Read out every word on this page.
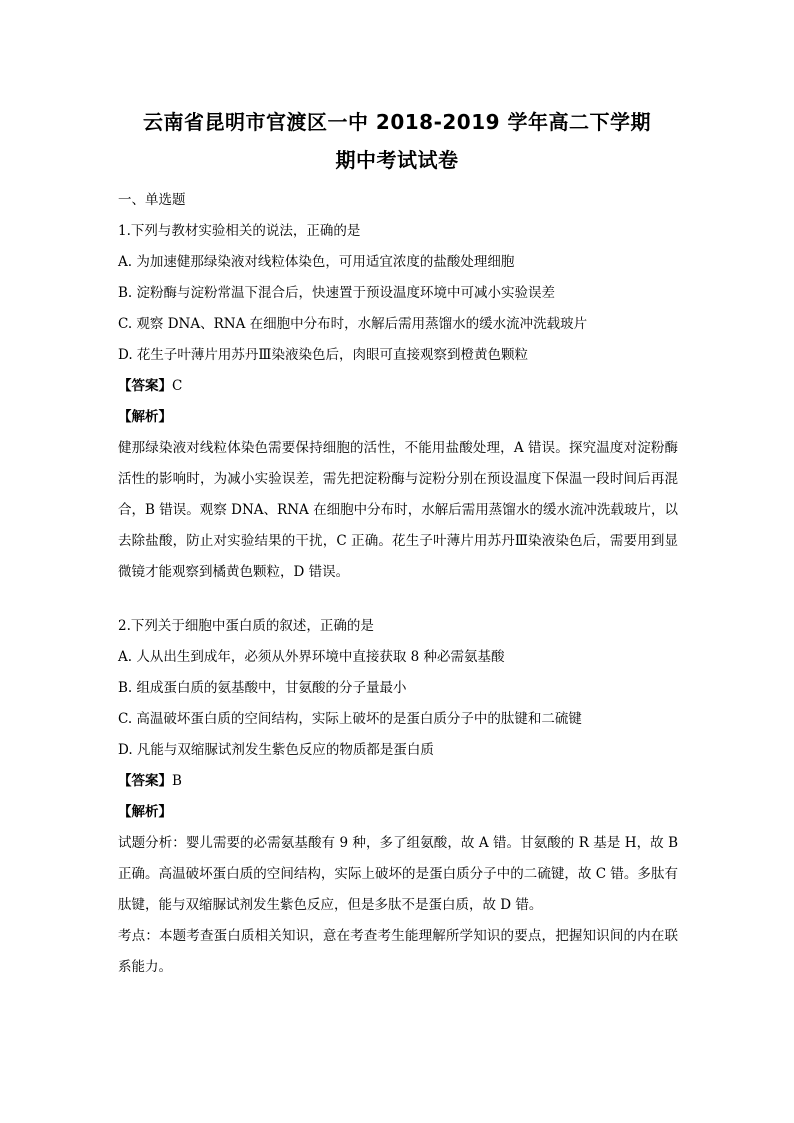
云南省昆明市官渡区一中 2018-2019 学年高二下学期
期中考试试卷
一、单选题
1.下列与教材实验相关的说法，正确的是
A. 为加速健那绿染液对线粒体染色，可用适宜浓度的盐酸处理细胞
B. 淀粉酶与淀粉常温下混合后，快速置于预设温度环境中可减小实验误差
C. 观察 DNA、RNA 在细胞中分布时，水解后需用蒸馏水的缓水流冲洗载玻片
D. 花生子叶薄片用苏丹Ⅲ染液染色后，肉眼可直接观察到橙黄色颗粒
【答案】C
【解析】
健那绿染液对线粒体染色需要保持细胞的活性，不能用盐酸处理，A 错误。探究温度对淀粉酶活性的影响时，为减小实验误差，需先把淀粉酶与淀粉分别在预设温度下保温一段时间后再混合，B 错误。观察 DNA、RNA 在细胞中分布时，水解后需用蒸馏水的缓水流冲洗载玻片，以去除盐酸，防止对实验结果的干扰，C 正确。花生子叶薄片用苏丹Ⅲ染液染色后，需要用到显微镜才能观察到橘黄色颗粒，D 错误。
2.下列关于细胞中蛋白质的叙述，正确的是
A. 人从出生到成年，必须从外界环境中直接获取 8 种必需氨基酸
B. 组成蛋白质的氨基酸中，甘氨酸的分子量最小
C. 高温破坏蛋白质的空间结构，实际上破坏的是蛋白质分子中的肽键和二硫键
D. 凡能与双缩脲试剂发生紫色反应的物质都是蛋白质
【答案】B
【解析】
试题分析：婴儿需要的必需氨基酸有 9 种，多了组氨酸，故 A 错。甘氨酸的 R 基是 H，故 B 正确。高温破坏蛋白质的空间结构，实际上破坏的是蛋白质分子中的二硫键，故 C 错。多肽有肽键，能与双缩脲试剂发生紫色反应，但是多肽不是蛋白质，故 D 错。
考点：本题考查蛋白质相关知识，意在考查考生能理解所学知识的要点，把握知识间的内在联系能力。
